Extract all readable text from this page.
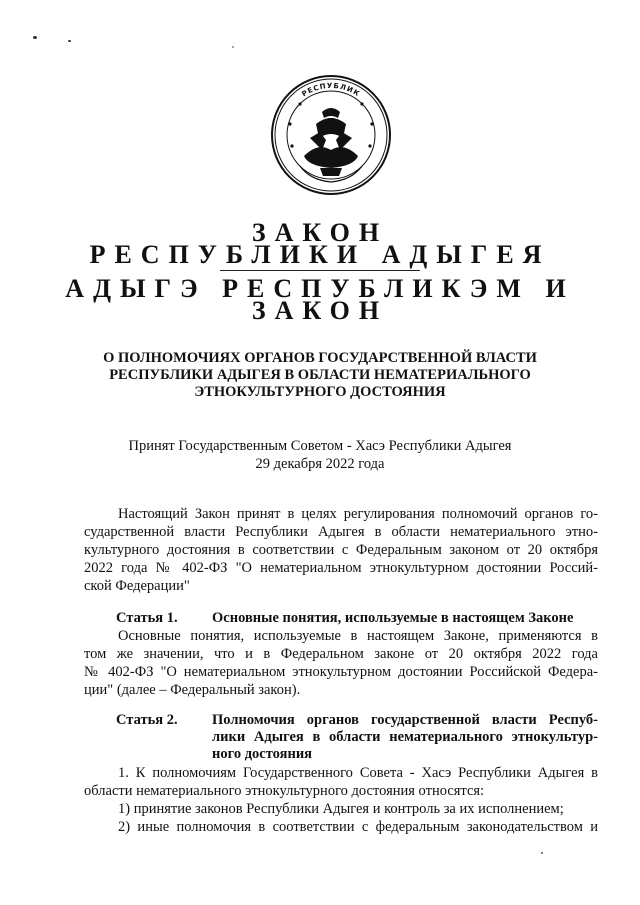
РЕСПУБЛИК
ЗАКОН
РЕСПУБЛИКИ АДЫГЕЯ
АДЫГЭ РЕСПУБЛИКЭМ И
ЗАКОН
О ПОЛНОМОЧИЯХ ОРГАНОВ ГОСУДАРСТВЕННОЙ ВЛАСТИ
РЕСПУБЛИКИ АДЫГЕЯ В ОБЛАСТИ НЕМАТЕРИАЛЬНОГО
ЭТНОКУЛЬТУРНОГО ДОСТОЯНИЯ
Принят Государственным Советом - Хасэ Республики Адыгея
29 декабря 2022 года
Настоящий Закон принят в целях регулирования полномочий органов го-
сударственной власти Республики Адыгея в области нематериального этно-
культурного достояния в соответствии с Федеральным законом от 20 октября
2022 года № 402-ФЗ "О нематериальном этнокультурном достоянии Россий-
ской Федерации"
Статья 1. Основные понятия, используемые в настоящем Законе
Основные понятия, используемые в настоящем Законе, применяются в
том же значении, что и в Федеральном законе от 20 октября 2022 года
№ 402-ФЗ "О нематериальном этнокультурном достоянии Российской Федера-
ции" (далее – Федеральный закон).
Статья 2. Полномочия органов государственной власти Респуб-
лики Адыгея в области нематериального этнокультур-
ного достояния
1. К полномочиям Государственного Совета - Хасэ Республики Адыгея в
области нематериального этнокультурного достояния относятся:
1) принятие законов Республики Адыгея и контроль за их исполнением;
2) иные полномочия в соответствии с федеральным законодательством и
